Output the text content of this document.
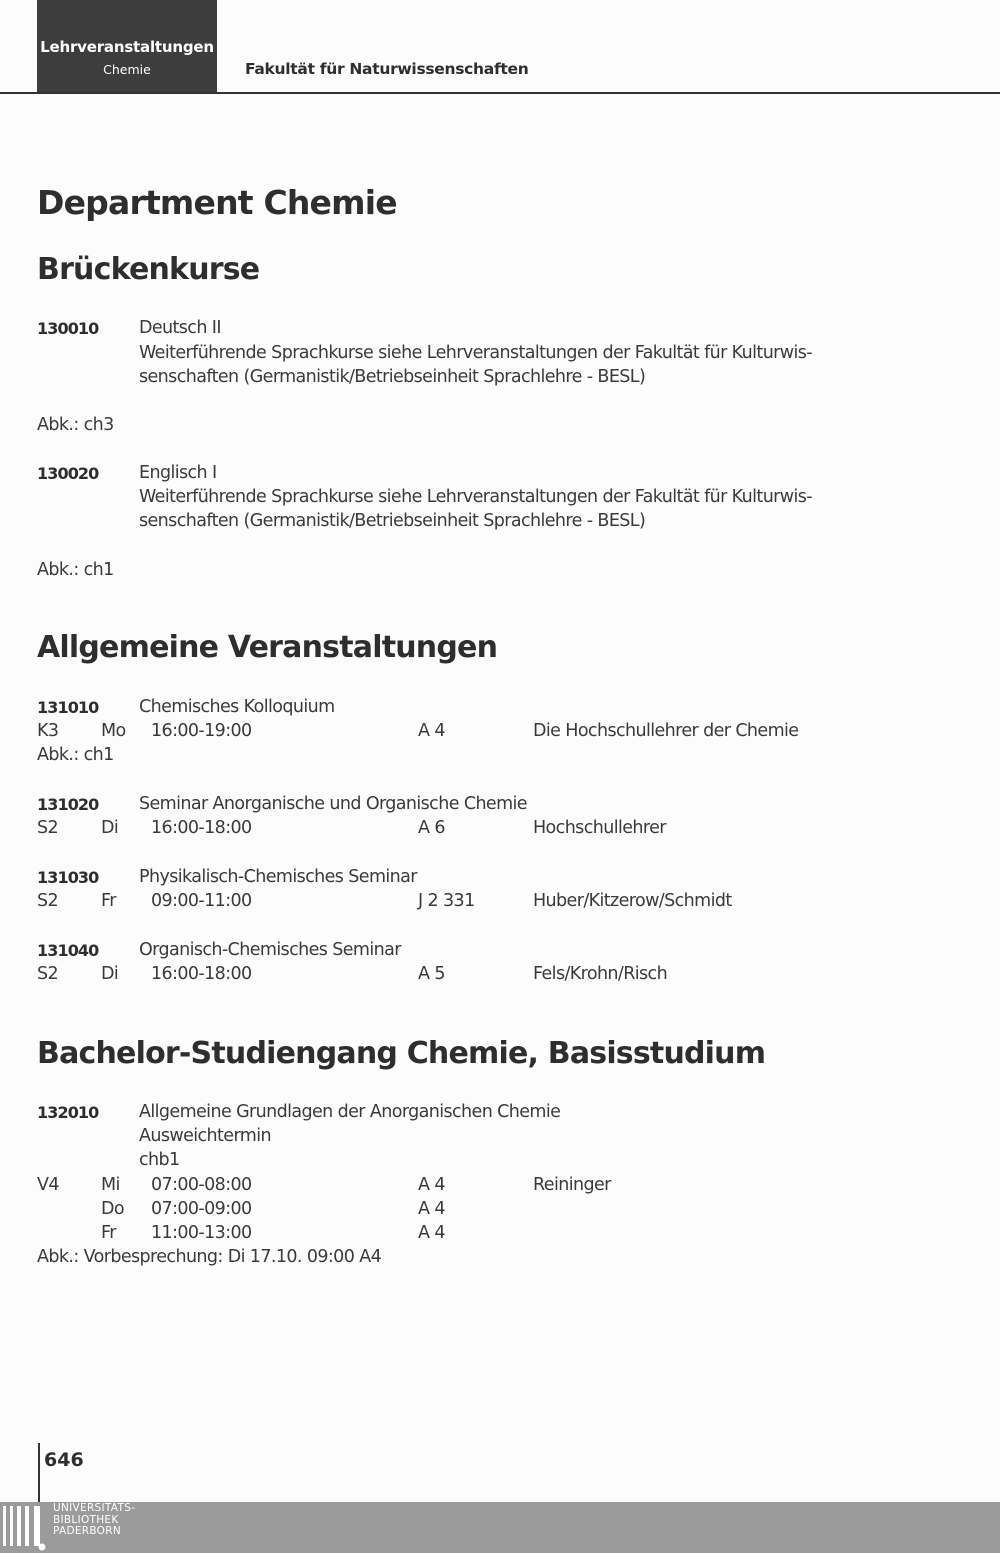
Lehrveranstaltungen
Chemie	Fakultät für Naturwissenschaften
Department Chemie
Brückenkurse
130010 Deutsch II
Weiterführende Sprachkurse siehe Lehrveranstaltungen der Fakultät für Kulturwis-
senschaften (Germanistik/Betriebseinheit Sprachlehre - BESL)
Abk.: ch3
130020 Englisch I
Weiterführende Sprachkurse siehe Lehrveranstaltungen der Fakultät für Kulturwis-
senschaften (Germanistik/Betriebseinheit Sprachlehre - BESL)
Abk.: ch1
Allgemeine Veranstaltungen
131010 Chemisches Kolloquium
K3 Mo 16:00-19:00	A 4	Die Hochschullehrer der Chemie
Abk.: ch1
131020 Seminar Anorganische und Organische Chemie
S2 Di 16:00-18:00	A 6	Hochschullehrer
131030 Physikalisch-Chemisches Seminar
S2 Fr 09:00-11:00	J 2 331	Huber/Kitzerow/Schmidt
131040 Organisch-Chemisches Seminar
S2 Di 16:00-18:00	A 5	Fels/Krohn/Risch
Bachelor-Studiengang Chemie, Basisstudium
132010 Allgemeine Grundlagen der Anorganischen Chemie
Ausweichtermin
chb1
V4 Mi 07:00-08:00	A 4	Reininger
Do 07:00-09:00	A 4
Fr 11:00-13:00	A 4
Abk.: Vorbesprechung: Di 17.10. 09:00 A4
646
UNIVERSITÄTS-
BIBLIOTHEK
PADERBORN
